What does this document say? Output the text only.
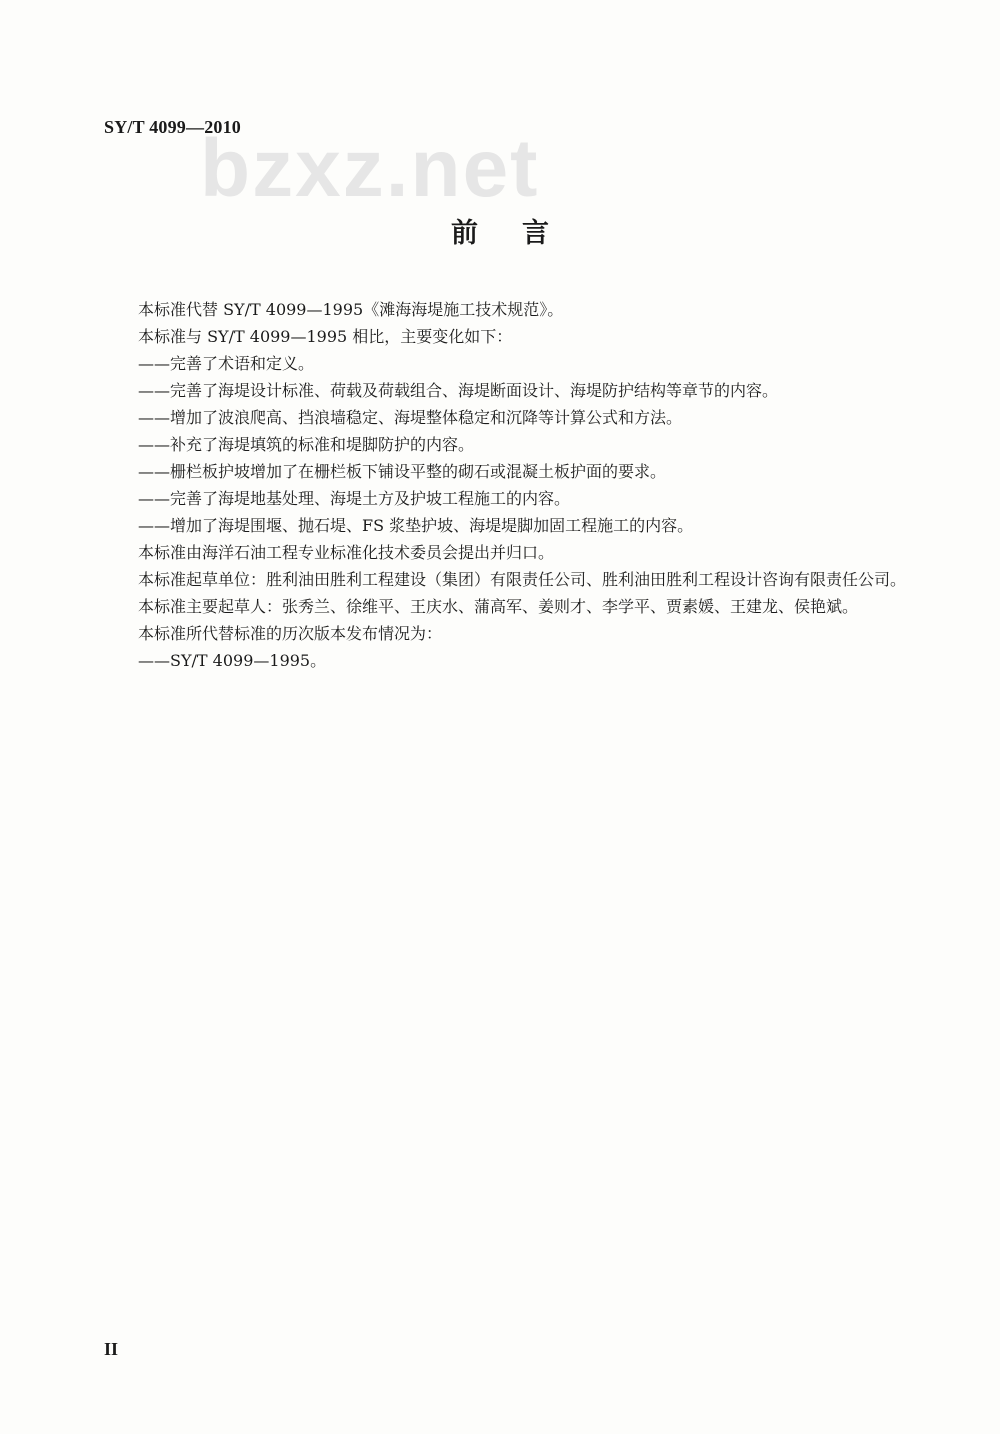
SY/T 4099—2010
bzxz.net
前言

本标准代替 SY/T 4099—1995《滩海海堤施工技术规范》。

本标准与 SY/T 4099—1995 相比，主要变化如下：

——完善了术语和定义。

——完善了海堤设计标准、荷载及荷载组合、海堤断面设计、海堤防护结构等章节的内容。

——增加了波浪爬高、挡浪墙稳定、海堤整体稳定和沉降等计算公式和方法。

——补充了海堤填筑的标准和堤脚防护的内容。

——栅栏板护坡增加了在栅栏板下铺设平整的砌石或混凝土板护面的要求。

——完善了海堤地基处理、海堤土方及护坡工程施工的内容。

——增加了海堤围堰、抛石堤、FS 浆垫护坡、海堤堤脚加固工程施工的内容。

本标准由海洋石油工程专业标准化技术委员会提出并归口。

本标准起草单位：胜利油田胜利工程建设（集团）有限责任公司、胜利油田胜利工程设计咨询有限责任公司。

本标准主要起草人：张秀兰、徐维平、王庆水、蒲高军、姜则才、李学平、贾素媛、王建龙、侯艳斌。

本标准所代替标准的历次版本发布情况为：

——SY/T 4099—1995。

II
